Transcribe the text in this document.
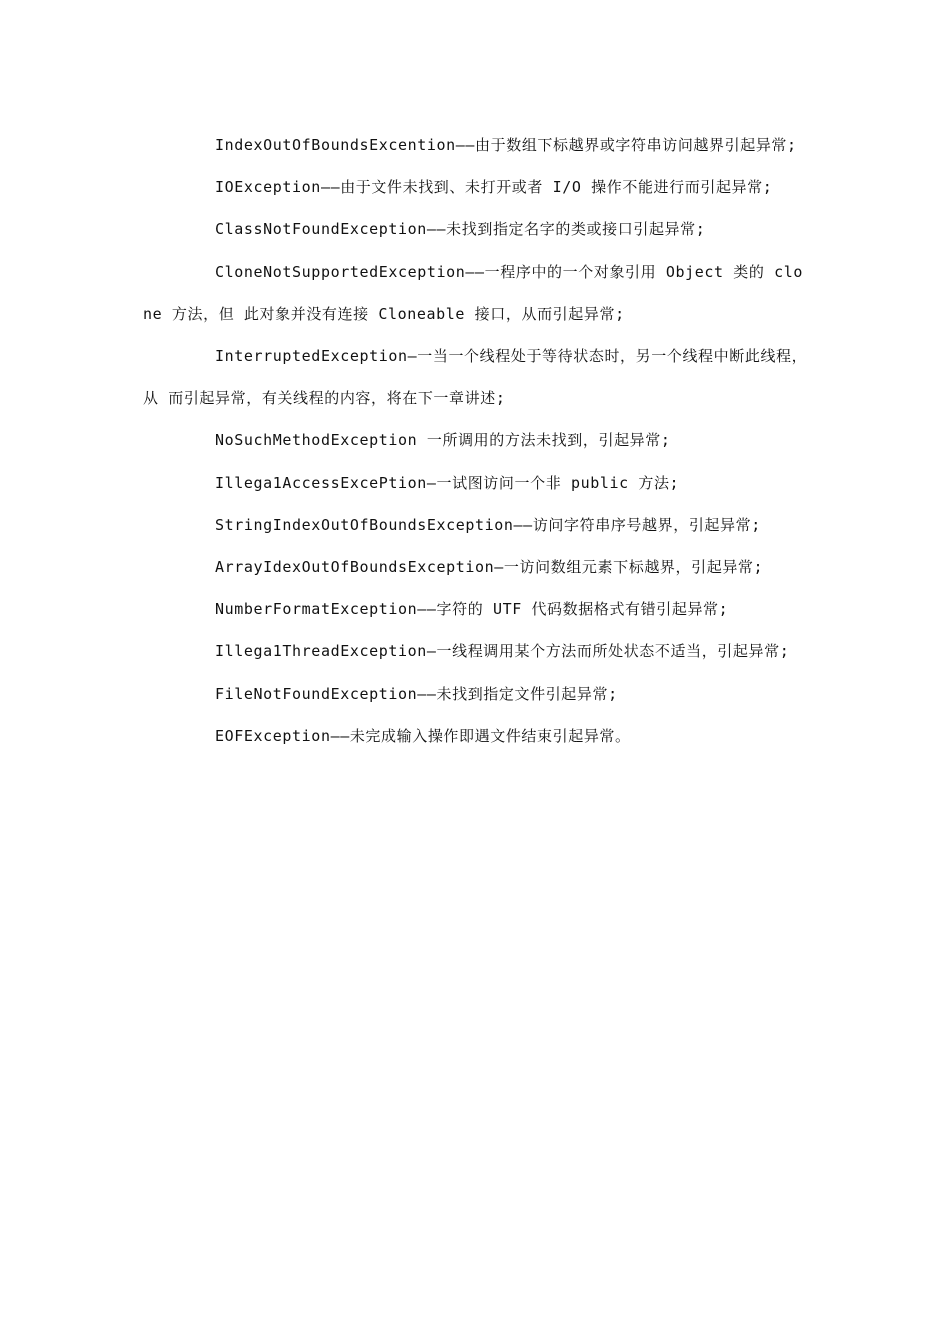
IndexOutOfBoundsExcention——由于数组下标越界或字符串访问越界引起异常;

IOException——由于文件未找到、未打开或者 I/O 操作不能进行而引起异常;

ClassNotFoundException——未找到指定名字的类或接口引起异常;

CloneNotSupportedException——一程序中的一个对象引用 Object 类的 clone 方法，但 此对象并没有连接 Cloneable 接口，从而引起异常;

InterruptedException—一当一个线程处于等待状态时，另一个线程中断此线程，从 而引起异常，有关线程的内容，将在下一章讲述;

NoSuchMethodException 一所调用的方法未找到，引起异常;

Illega1AccessExcePtion—一试图访问一个非 public 方法;

StringIndexOutOfBoundsException——访问字符串序号越界，引起异常;

ArrayIdexOutOfBoundsException—一访问数组元素下标越界，引起异常;

NumberFormatException——字符的 UTF 代码数据格式有错引起异常;

Illega1ThreadException—一线程调用某个方法而所处状态不适当，引起异常;

FileNotFoundException——未找到指定文件引起异常;

EOFException——未完成输入操作即遇文件结束引起异常。
